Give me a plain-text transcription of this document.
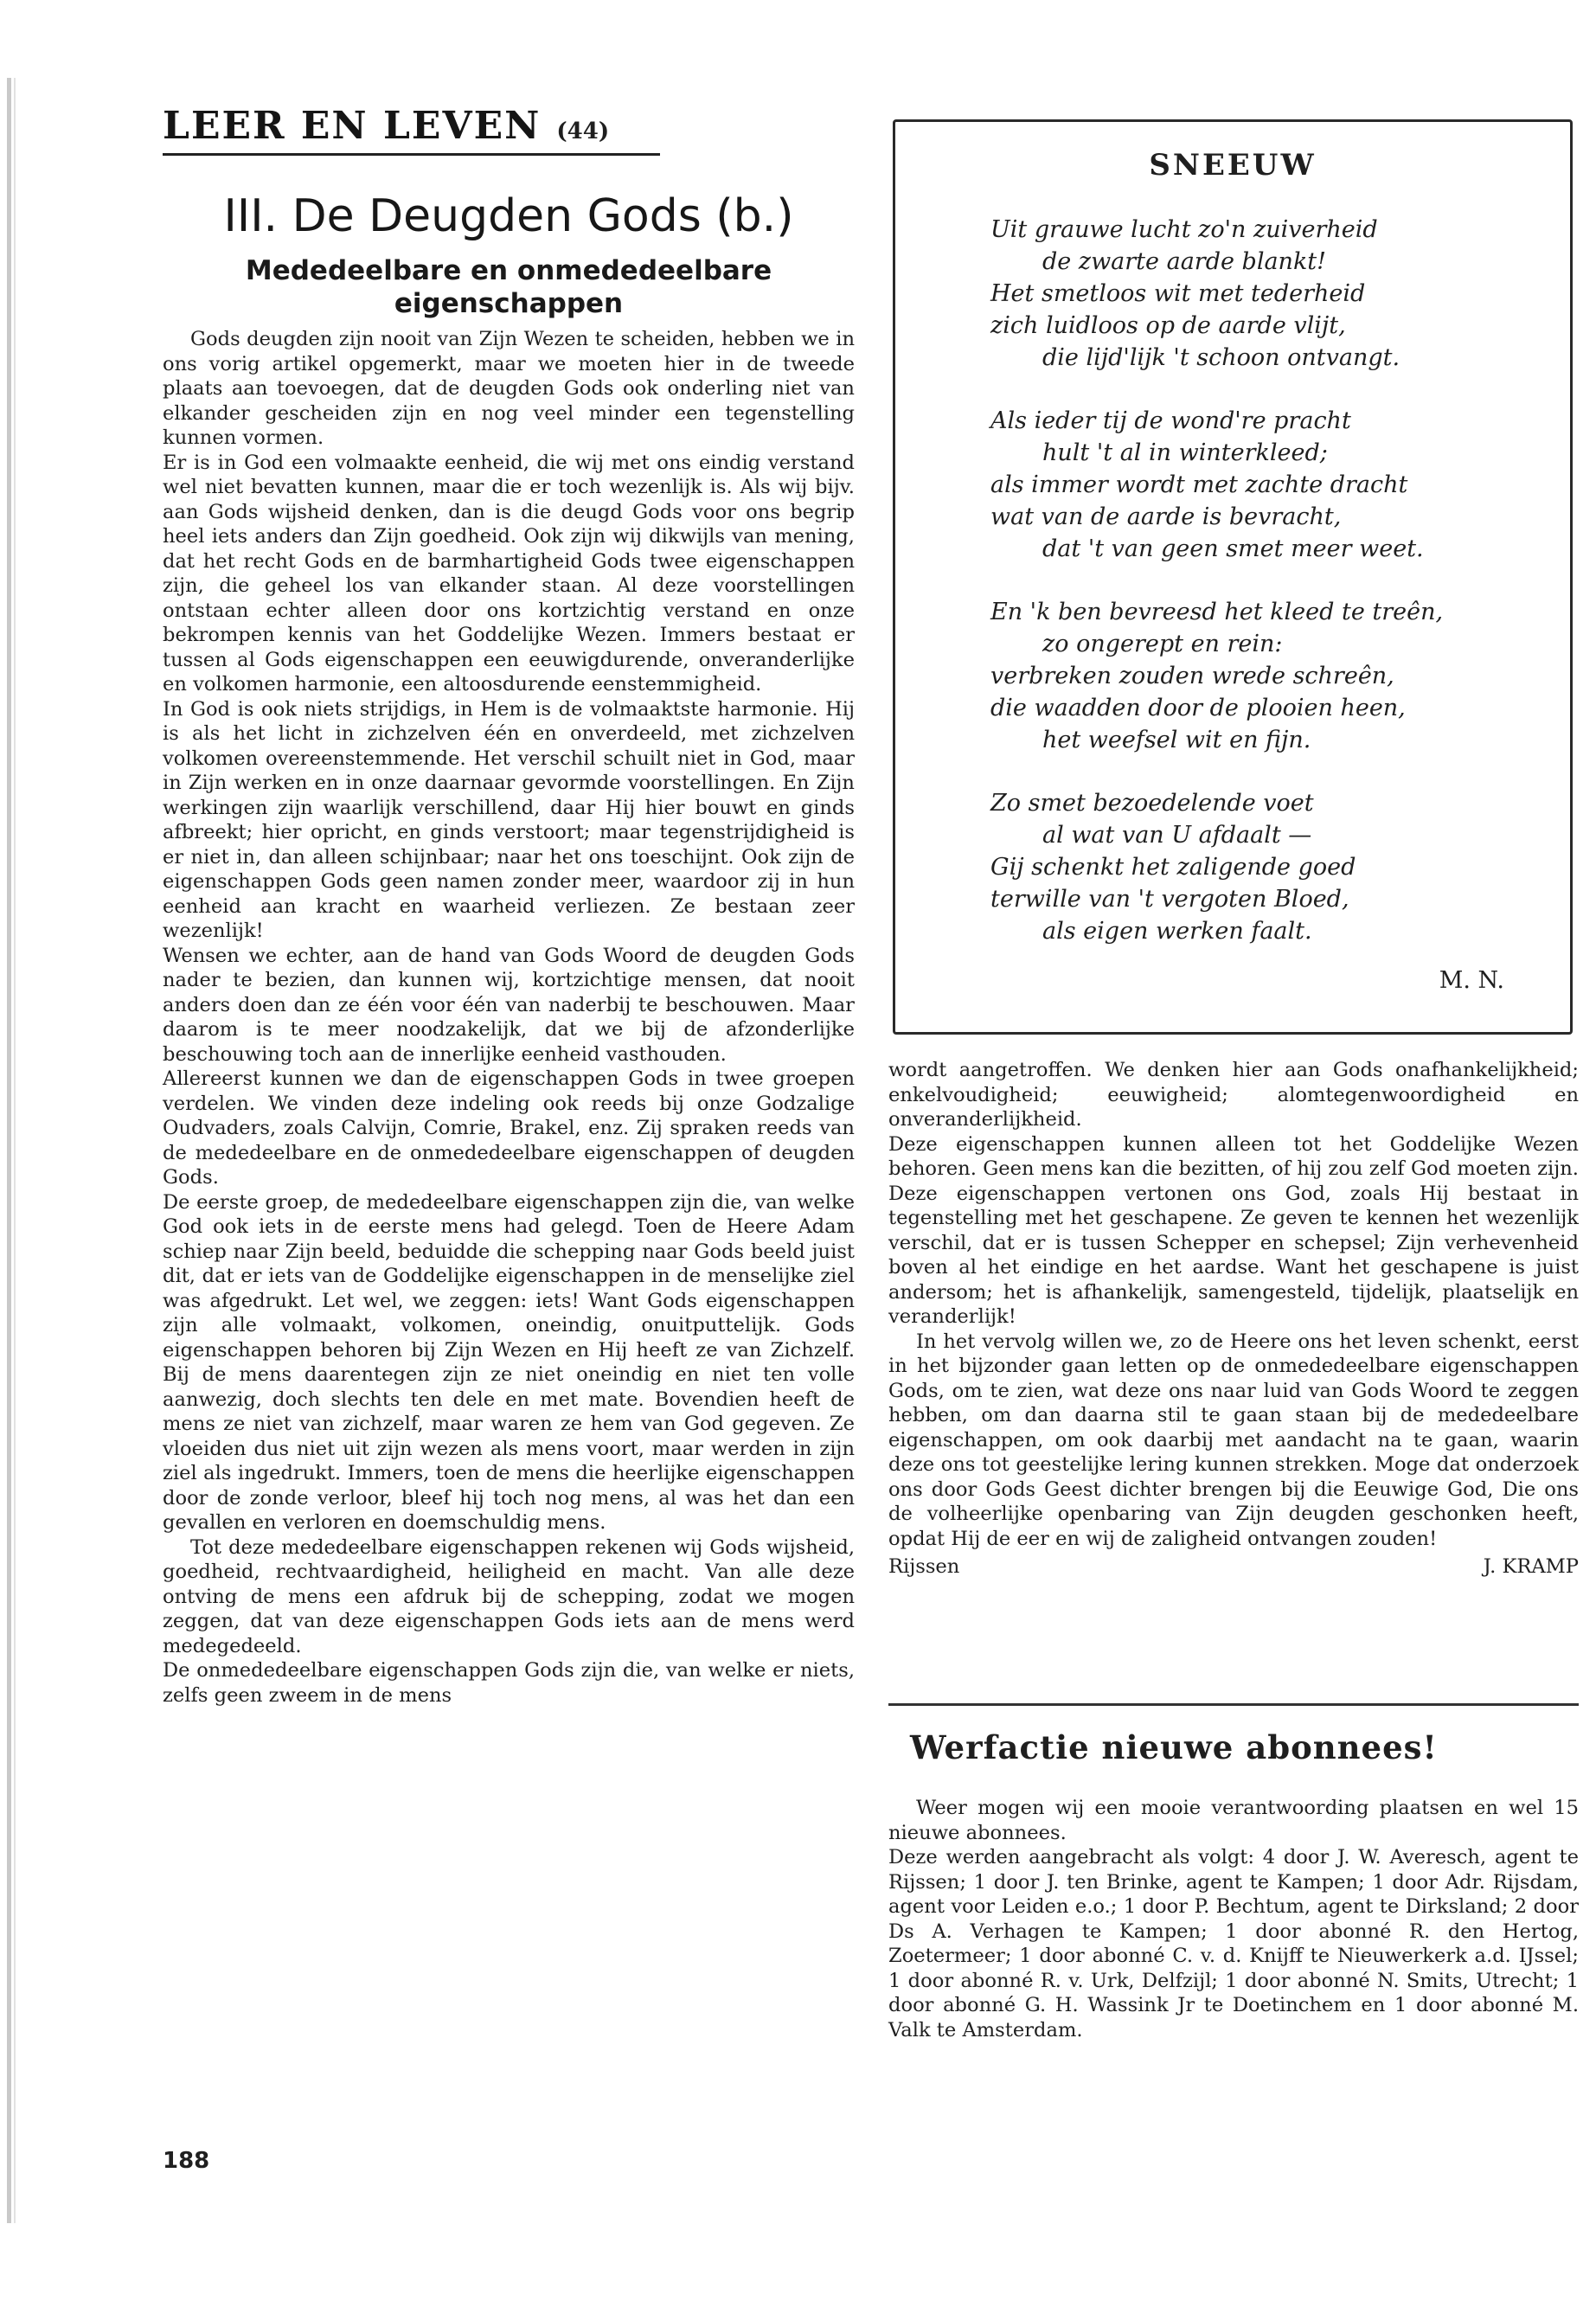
LEER EN LEVEN (44)
III. De Deugden Gods (b.)
Mededeelbare en onmededeelbare eigenschappen

Gods deugden zijn nooit van Zijn Wezen te scheiden, hebben we in ons vorig artikel opgemerkt, maar we moeten hier in de tweede plaats aan toevoegen, dat de deugden Gods ook onderling niet van elkander gescheiden zijn en nog veel minder een tegenstelling kunnen vormen.

Er is in God een volmaakte eenheid, die wij met ons eindig verstand wel niet bevatten kunnen, maar die er toch wezenlijk is. Als wij bijv. aan Gods wijsheid denken, dan is die deugd Gods voor ons begrip heel iets anders dan Zijn goedheid. Ook zijn wij dikwijls van mening, dat het recht Gods en de barmhartigheid Gods twee eigenschappen zijn, die geheel los van elkander staan. Al deze voorstellingen ontstaan echter alleen door ons kortzichtig verstand en onze bekrompen kennis van het Goddelijke Wezen. Immers bestaat er tussen al Gods eigenschappen een eeuwigdurende, onveranderlijke en volkomen harmonie, een altoosdurende eenstemmigheid.

In God is ook niets strijdigs, in Hem is de volmaaktste harmonie. Hij is als het licht in zichzelven één en onverdeeld, met zichzelven volkomen overeenstemmende. Het verschil schuilt niet in God, maar in Zijn werken en in onze daarnaar gevormde voorstellingen. En Zijn werkingen zijn waarlijk verschillend, daar Hij hier bouwt en ginds afbreekt; hier opricht, en ginds verstoort; maar tegenstrijdigheid is er niet in, dan alleen schijnbaar; naar het ons toeschijnt. Ook zijn de eigenschappen Gods geen namen zonder meer, waardoor zij in hun eenheid aan kracht en waarheid verliezen. Ze bestaan zeer wezenlijk!

Wensen we echter, aan de hand van Gods Woord de deugden Gods nader te bezien, dan kunnen wij, kortzichtige mensen, dat nooit anders doen dan ze één voor één van naderbij te beschouwen. Maar daarom is te meer noodzakelijk, dat we bij de afzonderlijke beschouwing toch aan de innerlijke eenheid vasthouden.

Allereerst kunnen we dan de eigenschappen Gods in twee groepen verdelen. We vinden deze indeling ook reeds bij onze Godzalige Oudvaders, zoals Calvijn, Comrie, Brakel, enz. Zij spraken reeds van de mededeelbare en de onmededeelbare eigenschappen of deugden Gods.

De eerste groep, de mededeelbare eigenschappen zijn die, van welke God ook iets in de eerste mens had gelegd. Toen de Heere Adam schiep naar Zijn beeld, beduidde die schepping naar Gods beeld juist dit, dat er iets van de Goddelijke eigenschappen in de menselijke ziel was afgedrukt. Let wel, we zeggen: iets! Want Gods eigenschappen zijn alle volmaakt, volkomen, oneindig, onuitputtelijk. Gods eigenschappen behoren bij Zijn Wezen en Hij heeft ze van Zichzelf. Bij de mens daarentegen zijn ze niet oneindig en niet ten volle aanwezig, doch slechts ten dele en met mate. Bovendien heeft de mens ze niet van zichzelf, maar waren ze hem van God gegeven. Ze vloeiden dus niet uit zijn wezen als mens voort, maar werden in zijn ziel als ingedrukt. Immers, toen de mens die heerlijke eigenschappen door de zonde verloor, bleef hij toch nog mens, al was het dan een gevallen en verloren en doemschuldig mens.

Tot deze mededeelbare eigenschappen rekenen wij Gods wijsheid, goedheid, rechtvaardigheid, heiligheid en macht. Van alle deze ontving de mens een afdruk bij de schepping, zodat we mogen zeggen, dat van deze eigenschappen Gods iets aan de mens werd medegedeeld.

De onmededeelbare eigenschappen Gods zijn die, van welke er niets, zelfs geen zweem in de mens

SNEEUW
Uit grauwe lucht zo'n zuiverheid
de zwarte aarde blankt!
Het smetloos wit met tederheid
zich luidloos op de aarde vlijt,
die lijd'lijk 't schoon ontvangt.
Als ieder tij de wond're pracht
hult 't al in winterkleed;
als immer wordt met zachte dracht
wat van de aarde is bevracht,
dat 't van geen smet meer weet.
En 'k ben bevreesd het kleed te treên,
zo ongerept en rein:
verbreken zouden wrede schreên,
die waadden door de plooien heen,
het weefsel wit en fijn.
Zo smet bezoedelende voet
al wat van U afdaalt —
Gij schenkt het zaligende goed
terwille van 't vergoten Bloed,
als eigen werken faalt.
M. N.

wordt aangetroffen. We denken hier aan Gods onafhankelijkheid; enkelvoudigheid; eeuwigheid; alomtegenwoordigheid en onveranderlijkheid.

Deze eigenschappen kunnen alleen tot het Goddelijke Wezen behoren. Geen mens kan die bezitten, of hij zou zelf God moeten zijn. Deze eigenschappen vertonen ons God, zoals Hij bestaat in tegenstelling met het geschapene. Ze geven te kennen het wezenlijk verschil, dat er is tussen Schepper en schepsel; Zijn verhevenheid boven al het eindige en het aardse. Want het geschapene is juist andersom; het is afhankelijk, samengesteld, tijdelijk, plaatselijk en veranderlijk!

In het vervolg willen we, zo de Heere ons het leven schenkt, eerst in het bijzonder gaan letten op de onmededeelbare eigenschappen Gods, om te zien, wat deze ons naar luid van Gods Woord te zeggen hebben, om dan daarna stil te gaan staan bij de mededeelbare eigenschappen, om ook daarbij met aandacht na te gaan, waarin deze ons tot geestelijke lering kunnen strekken. Moge dat onderzoek ons door Gods Geest dichter brengen bij die Eeuwige God, Die ons de volheerlijke openbaring van Zijn deugden geschonken heeft, opdat Hij de eer en wij de zaligheid ontvangen zouden!

Rijssen	J. KRAMP
Werfactie nieuwe abonnees!

Weer mogen wij een mooie verantwoording plaatsen en wel 15 nieuwe abonnees.

Deze werden aangebracht als volgt: 4 door J. W. Averesch, agent te Rijssen; 1 door J. ten Brinke, agent te Kampen; 1 door Adr. Rijsdam, agent voor Leiden e.o.; 1 door P. Bechtum, agent te Dirksland; 2 door Ds A. Verhagen te Kampen; 1 door abonné R. den Hertog, Zoetermeer; 1 door abonné C. v. d. Knijff te Nieuwerkerk a.d. IJssel; 1 door abonné R. v. Urk, Delfzijl; 1 door abonné N. Smits, Utrecht; 1 door abonné G. H. Wassink Jr te Doetinchem en 1 door abonné M. Valk te Amsterdam.

188
